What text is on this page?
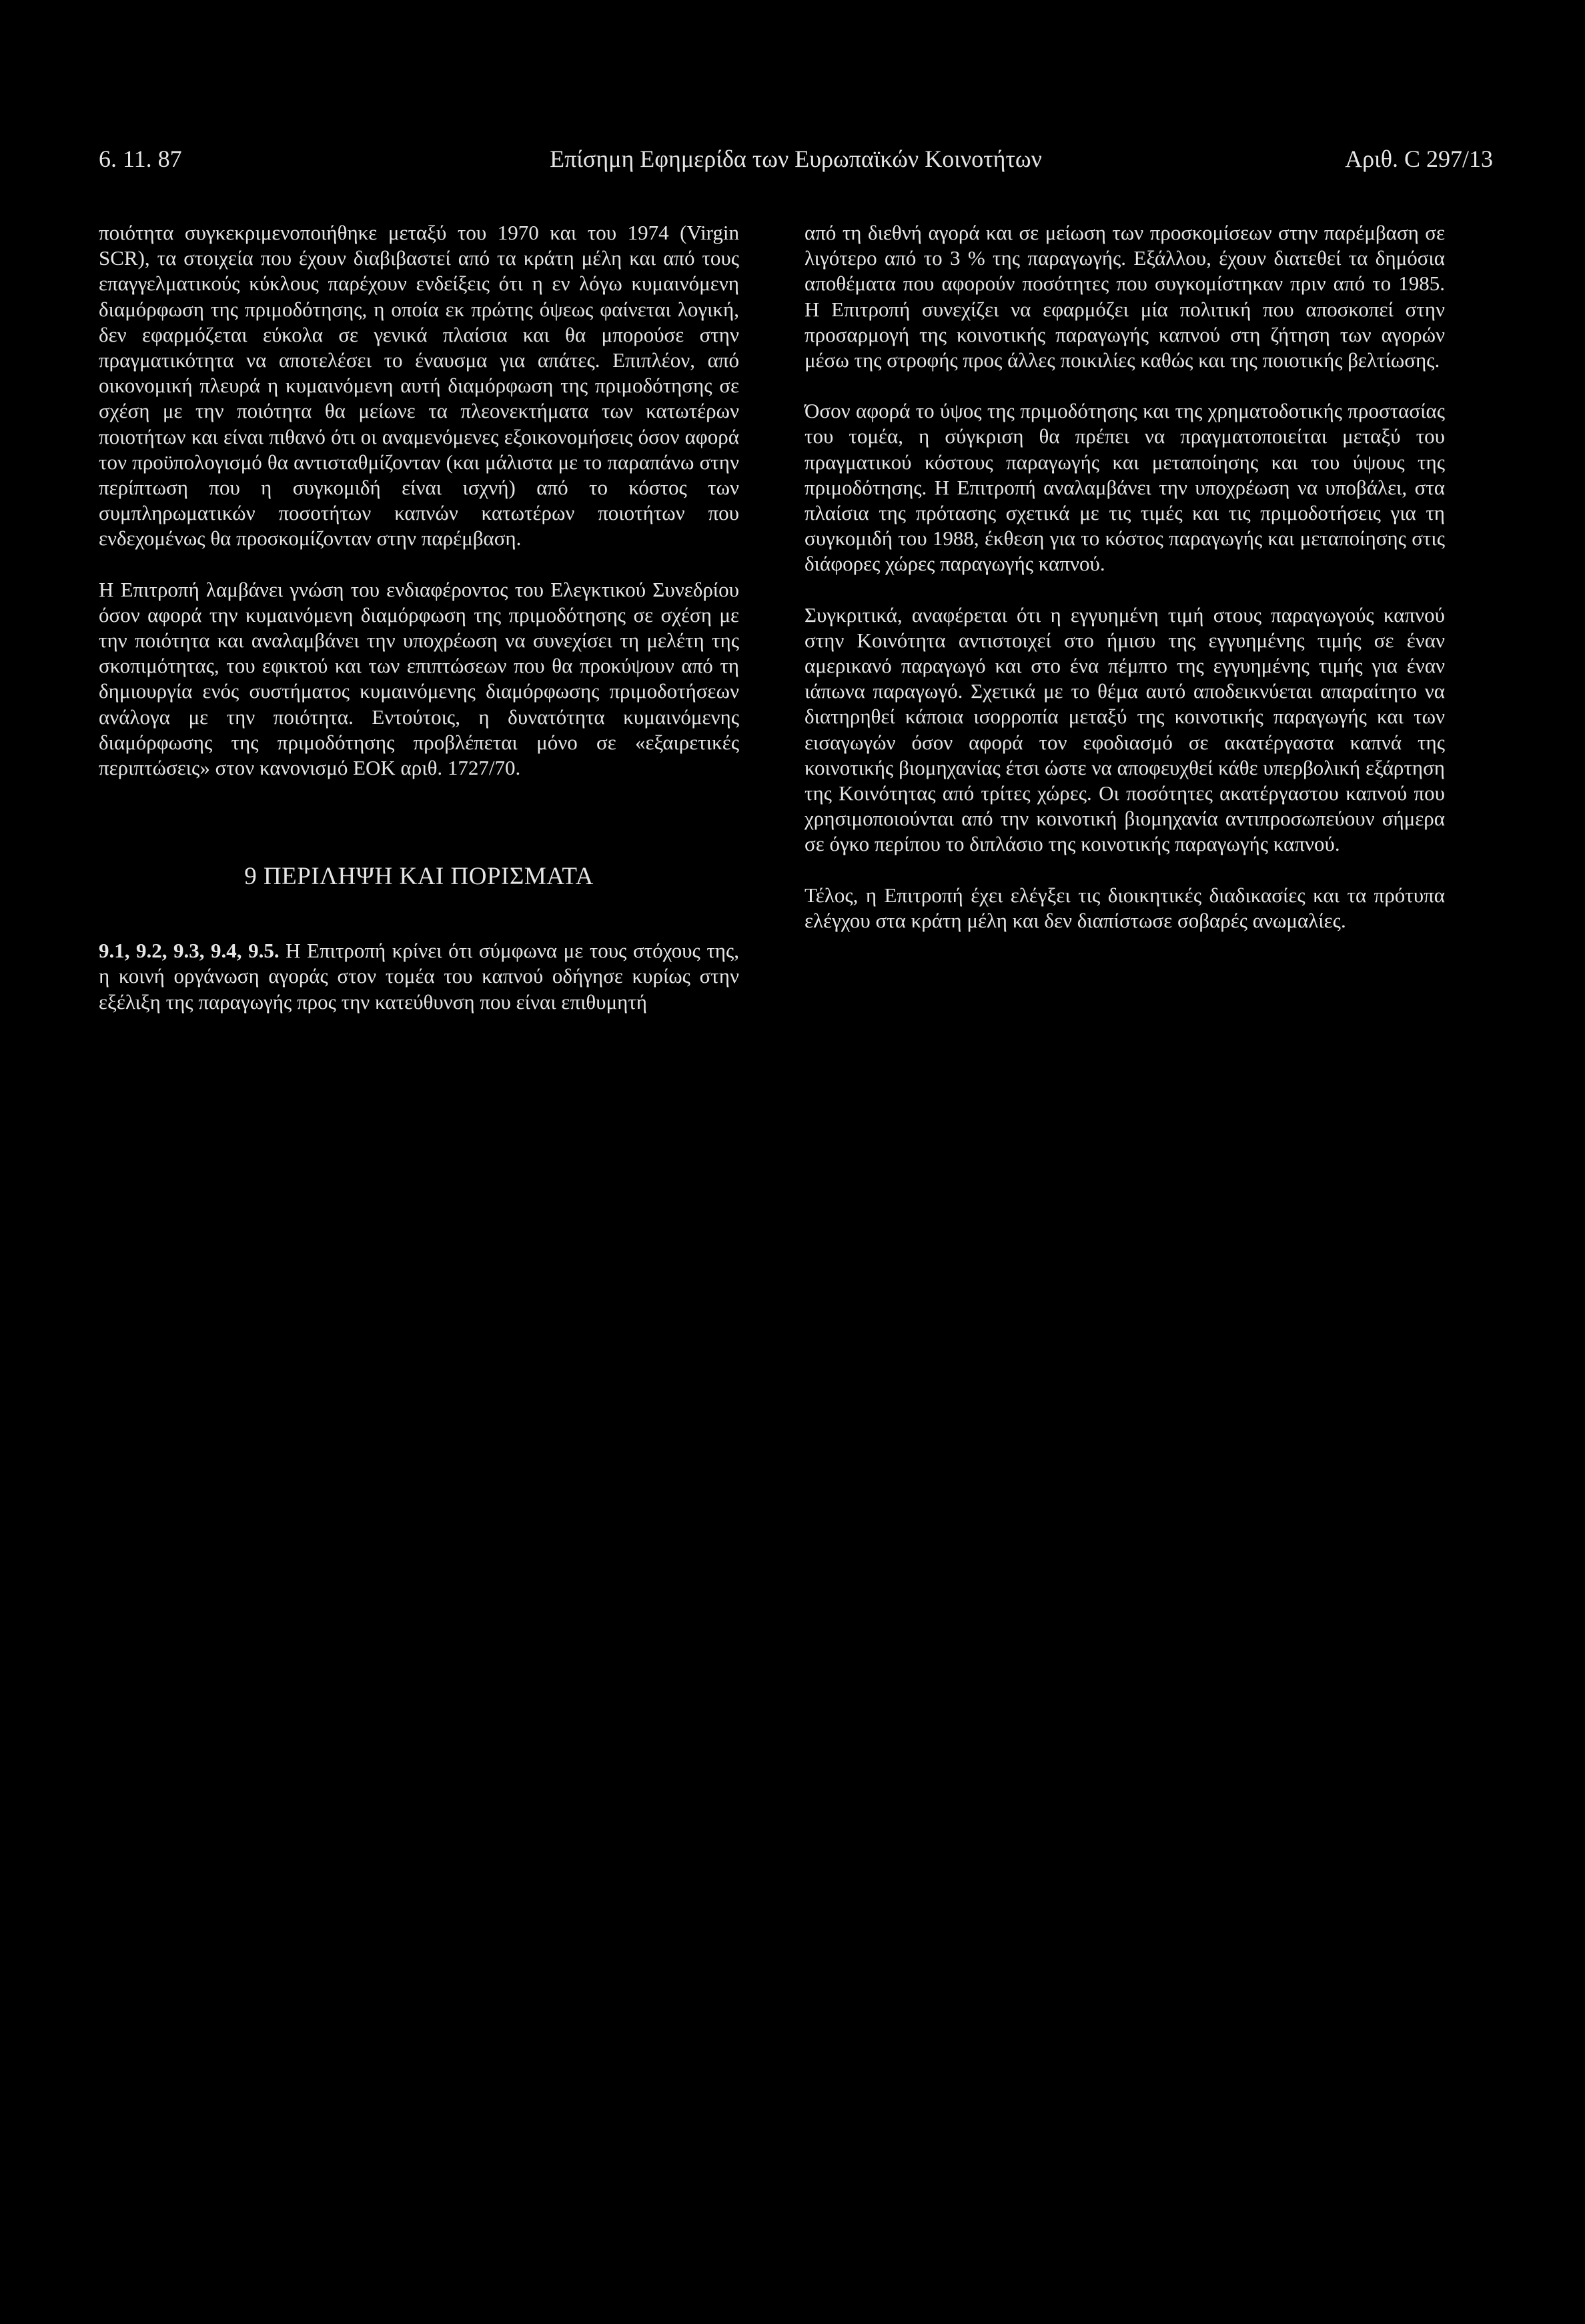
6. 11. 87	Επίσημη Εφημερίδα των Ευρωπαϊκών Κοινοτήτων	Αριθ. C 297/13

ποιότητα συγκεκριμενοποιήθηκε μεταξύ του 1970 και του 1974 (Virgin SCR), τα στοιχεία που έχουν διαβιβαστεί από τα κράτη μέλη και από τους επαγγελματικούς κύκλους παρέχουν ενδείξεις ότι η εν λόγω κυμαινόμενη διαμόρφωση της πριμοδότησης, η οποία εκ πρώτης όψεως φαίνεται λογική, δεν εφαρμόζεται εύκολα σε γενικά πλαίσια και θα μπορούσε στην πραγματικότητα να αποτελέσει το έναυσμα για απάτες. Επιπλέον, από οικονομική πλευρά η κυμαινόμενη αυτή διαμόρφωση της πριμοδότησης σε σχέση με την ποιότητα θα μείωνε τα πλεονεκτήματα των κατωτέρων ποιοτήτων και είναι πιθανό ότι οι αναμενόμενες εξοικονομήσεις όσον αφορά τον προϋπολογισμό θα αντισταθμίζονταν (και μάλιστα με το παραπάνω στην περίπτωση που η συγκομιδή είναι ισχνή) από το κόστος των συμπληρωματικών ποσοτήτων καπνών κατωτέρων ποιοτήτων που ενδεχομένως θα προσκομίζονταν στην παρέμβαση.

Η Επιτροπή λαμβάνει γνώση του ενδιαφέροντος του Ελεγκτικού Συνεδρίου όσον αφορά την κυμαινόμενη διαμόρφωση της πριμοδότησης σε σχέση με την ποιότητα και αναλαμβάνει την υποχρέωση να συνεχίσει τη μελέτη της σκοπιμότητας, του εφικτού και των επιπτώσεων που θα προκύψουν από τη δημιουργία ενός συστήματος κυμαινόμενης διαμόρφωσης πριμοδοτήσεων ανάλογα με την ποιότητα. Εντούτοις, η δυνατότητα κυμαινόμενης διαμόρφωσης της πριμοδότησης προβλέπεται μόνο σε «εξαιρετικές περιπτώσεις» στον κανονισμό ΕΟΚ αριθ. 1727/70.

9 ΠΕΡΙΛΗΨΗ ΚΑΙ ΠΟΡΙΣΜΑΤΑ

9.1, 9.2, 9.3, 9.4, 9.5. Η Επιτροπή κρίνει ότι σύμφωνα με τους στόχους της, η κοινή οργάνωση αγοράς στον τομέα του καπνού οδήγησε κυρίως στην εξέλιξη της παραγωγής προς την κατεύθυνση που είναι επιθυμητή

από τη διεθνή αγορά και σε μείωση των προσκομίσεων στην παρέμβαση σε λιγότερο από το 3 % της παραγωγής. Εξάλλου, έχουν διατεθεί τα δημόσια αποθέματα που αφορούν ποσότητες που συγκομίστηκαν πριν από το 1985. Η Επιτροπή συνεχίζει να εφαρμόζει μία πολιτική που αποσκοπεί στην προσαρμογή της κοινοτικής παραγωγής καπνού στη ζήτηση των αγορών μέσω της στροφής προς άλλες ποικιλίες καθώς και της ποιοτικής βελτίωσης.

Όσον αφορά το ύψος της πριμοδότησης και της χρηματοδοτικής προστασίας του τομέα, η σύγκριση θα πρέπει να πραγματοποιείται μεταξύ του πραγματικού κόστους παραγωγής και μεταποίησης και του ύψους της πριμοδότησης. Η Επιτροπή αναλαμβάνει την υποχρέωση να υποβάλει, στα πλαίσια της πρότασης σχετικά με τις τιμές και τις πριμοδοτήσεις για τη συγκομιδή του 1988, έκθεση για το κόστος παραγωγής και μεταποίησης στις διάφορες χώρες παραγωγής καπνού.

Συγκριτικά, αναφέρεται ότι η εγγυημένη τιμή στους παραγωγούς καπνού στην Κοινότητα αντιστοιχεί στο ήμισυ της εγγυημένης τιμής σε έναν αμερικανό παραγωγό και στο ένα πέμπτο της εγγυημένης τιμής για έναν ιάπωνα παραγωγό. Σχετικά με το θέμα αυτό αποδεικνύεται απαραίτητο να διατηρηθεί κάποια ισορροπία μεταξύ της κοινοτικής παραγωγής και των εισαγωγών όσον αφορά τον εφοδιασμό σε ακατέργαστα καπνά της κοινοτικής βιομηχανίας έτσι ώστε να αποφευχθεί κάθε υπερβολική εξάρτηση της Κοινότητας από τρίτες χώρες. Οι ποσότητες ακατέργαστου καπνού που χρησιμοποιούνται από την κοινοτική βιομηχανία αντιπροσωπεύουν σήμερα σε όγκο περίπου το διπλάσιο της κοινοτικής παραγωγής καπνού.

Τέλος, η Επιτροπή έχει ελέγξει τις διοικητικές διαδικασίες και τα πρότυπα ελέγχου στα κράτη μέλη και δεν διαπίστωσε σοβαρές ανωμαλίες.
